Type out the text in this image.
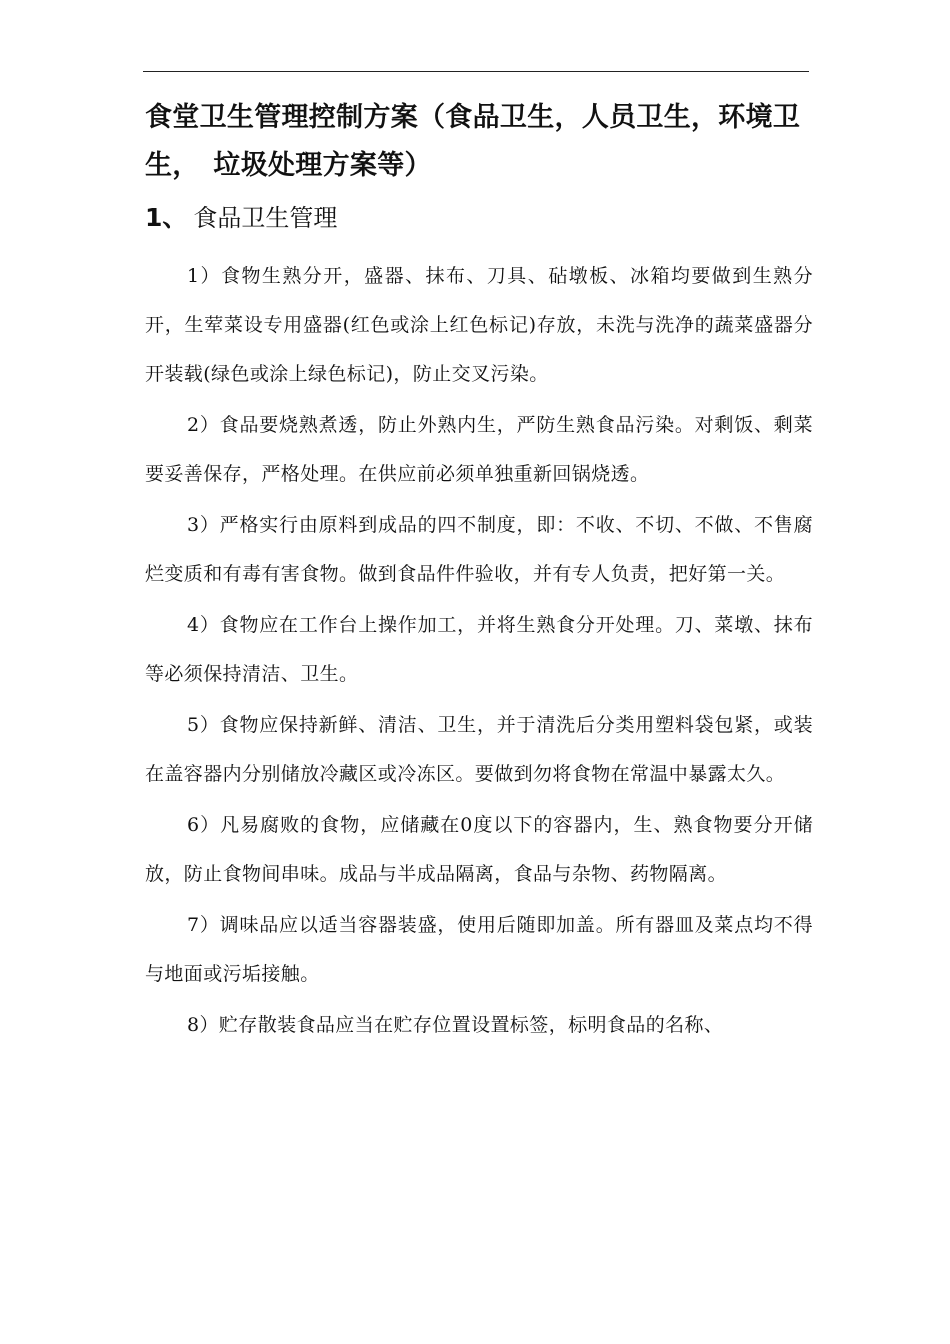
食堂卫生管理控制方案（食品卫生，人员卫生，环境卫生，　垃圾处理方案等）
1、 食品卫生管理

1）食物生熟分开，盛器、抹布、刀具、砧墩板、冰箱均要做到生熟分开，生荤菜设专用盛器(红色或涂上红色标记)存放，未洗与洗净的蔬菜盛器分开装载(绿色或涂上绿色标记)，防止交叉污染。

2）食品要烧熟煮透，防止外熟内生，严防生熟食品污染。对剩饭、剩菜要妥善保存，严格处理。在供应前必须单独重新回锅烧透。

3）严格实行由原料到成品的四不制度，即：不收、不切、不做、不售腐烂变质和有毒有害食物。做到食品件件验收，并有专人负责，把好第一关。

4）食物应在工作台上操作加工，并将生熟食分开处理。刀、菜墩、抹布等必须保持清洁、卫生。

5）食物应保持新鲜、清洁、卫生，并于清洗后分类用塑料袋包紧，或装在盖容器内分别储放冷藏区或冷冻区。要做到勿将食物在常温中暴露太久。

6）凡易腐败的食物，应储藏在0度以下的容器内，生、熟食物要分开储放，防止食物间串味。成品与半成品隔离，食品与杂物、药物隔离。

7）调味品应以适当容器装盛，使用后随即加盖。所有器皿及菜点均不得与地面或污垢接触。

8）贮存散装食品应当在贮存位置设置标签，标明食品的名称、
